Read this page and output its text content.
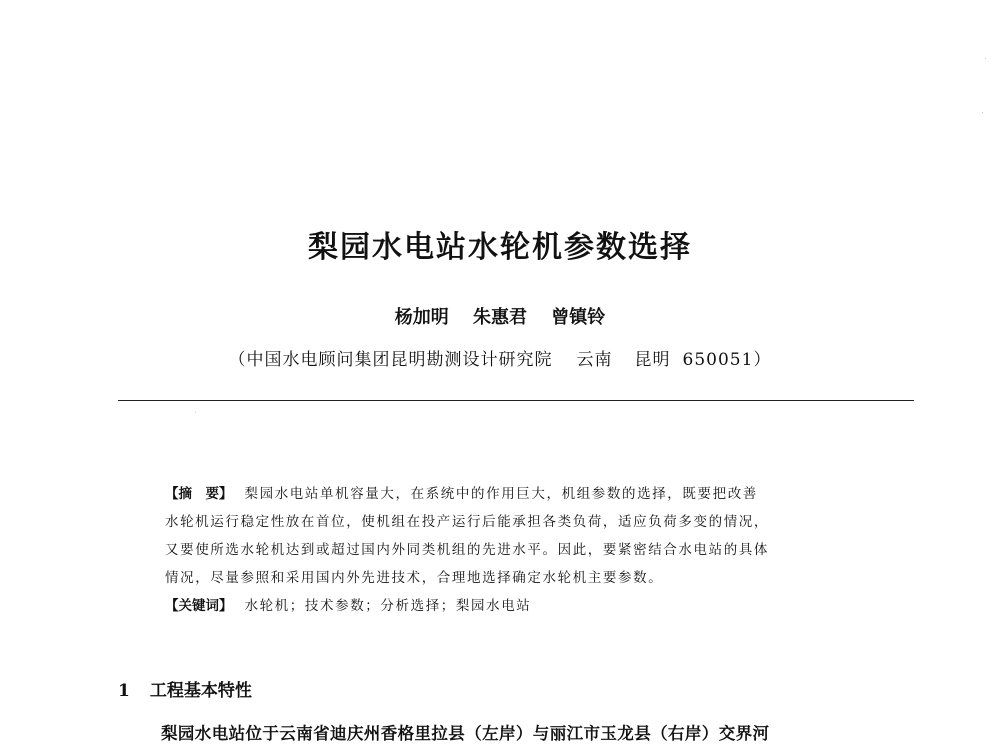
梨园水电站水轮机参数选择
杨加明 朱惠君 曾镇铃
（中国水电顾问集团昆明勘测设计研究院 云南 昆明 650051）
【摘　要】 梨园水电站单机容量大，在系统中的作用巨大，机组参数的选择，既要把改善
水轮机运行稳定性放在首位，使机组在投产运行后能承担各类负荷，适应负荷多变的情况，
又要使所选水轮机达到或超过国内外同类机组的先进水平。因此，要紧密结合水电站的具体
情况，尽量参照和采用国内外先进技术，合理地选择确定水轮机主要参数。
【关键词】 水轮机；技术参数；分析选择；梨园水电站
1 工程基本特性
梨园水电站位于云南省迪庆州香格里拉县（左岸）与丽江市玉龙县（右岸）交界河
